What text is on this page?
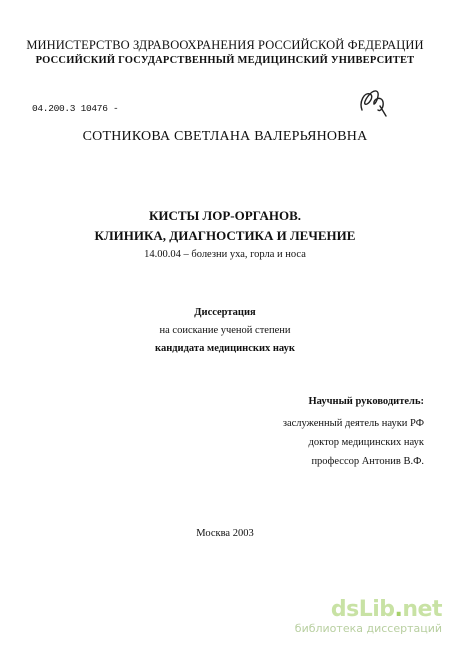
МИНИСТЕРСТВО ЗДРАВООХРАНЕНИЯ РОССИЙСКОЙ ФЕДЕРАЦИИ
РОССИЙСКИЙ ГОСУДАРСТВЕННЫЙ МЕДИЦИНСКИЙ УНИВЕРСИТЕТ
04.200.3 10476 -
СОТНИКОВА СВЕТЛАНА ВАЛЕРЬЯНОВНА
КИСТЫ ЛОР-ОРГАНОВ.
КЛИНИКА, ДИАГНОСТИКА И ЛЕЧЕНИЕ
14.00.04 – болезни уха, горла и носа
Диссертация
на соискание ученой степени
кандидата медицинских наук
Научный руководитель:
заслуженный деятель науки РФ
доктор медицинских наук
профессор Антонив В.Ф.
Москва 2003
dsLib.net
библиотека диссертаций
